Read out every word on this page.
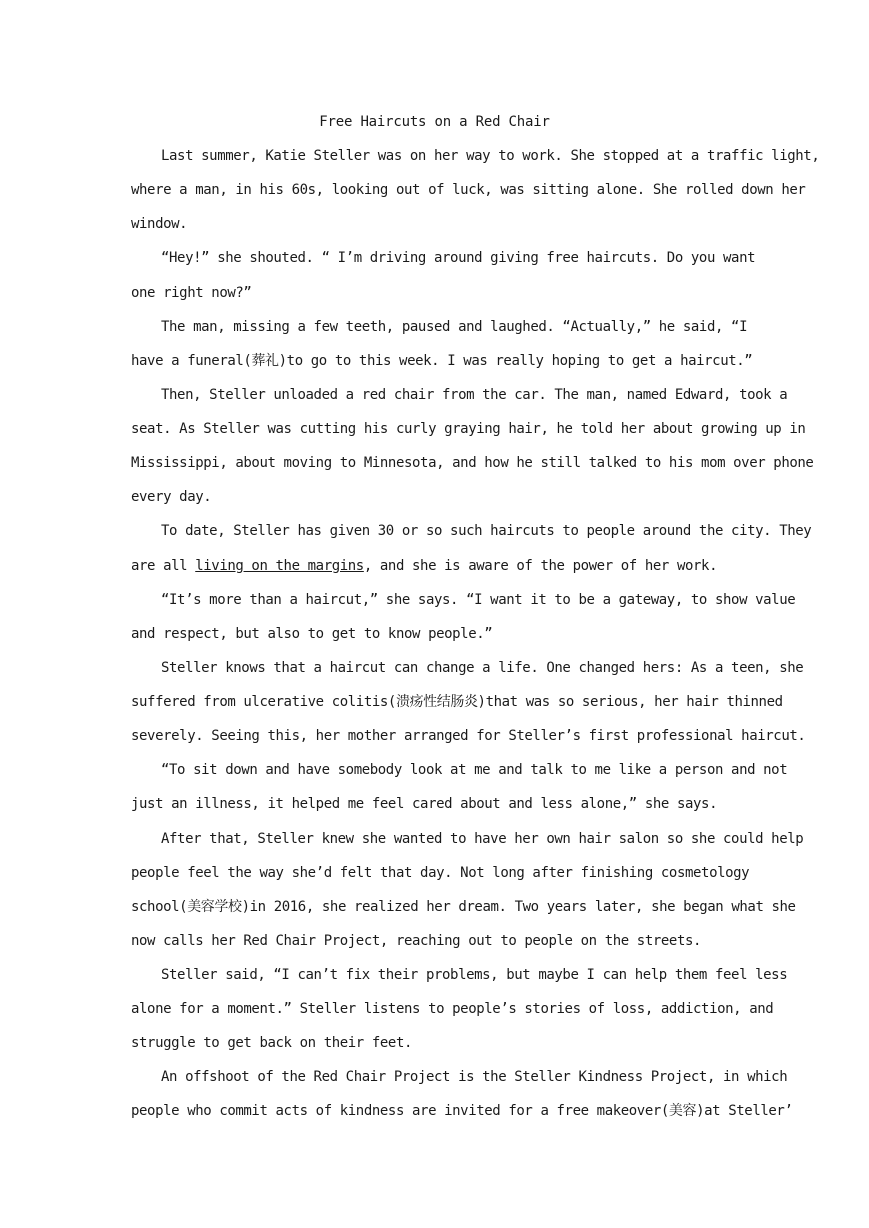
Free Haircuts on a Red Chair
Last summer, Katie Steller was on her way to work. She stopped at a traffic light,
where a man, in his 60s, looking out of luck, was sitting alone. She rolled down her
window.
“Hey!” she shouted. “ I’m driving around giving free haircuts. Do you want
one right now?”
The man, missing a few teeth, paused and laughed. “Actually,” he said, “I
have a funeral(葬礼)to go to this week. I was really hoping to get a haircut.”
Then, Steller unloaded a red chair from the car. The man, named Edward, took a
seat. As Steller was cutting his curly graying hair, he told her about growing up in
Mississippi, about moving to Minnesota, and how he still talked to his mom over phone
every day.
To date, Steller has given 30 or so such haircuts to people around the city. They
are all living on the margins, and she is aware of the power of her work.
“It’s more than a haircut,” she says. “I want it to be a gateway, to show value
and respect, but also to get to know people.”
Steller knows that a haircut can change a life. One changed hers: As a teen, she
suffered from ulcerative colitis(溃疡性结肠炎)that was so serious, her hair thinned
severely. Seeing this, her mother arranged for Steller’s first professional haircut.
“To sit down and have somebody look at me and talk to me like a person and not
just an illness, it helped me feel cared about and less alone,” she says.
After that, Steller knew she wanted to have her own hair salon so she could help
people feel the way she’d felt that day. Not long after finishing cosmetology
school(美容学校)in 2016, she realized her dream. Two years later, she began what she
now calls her Red Chair Project, reaching out to people on the streets.
Steller said, “I can’t fix their problems, but maybe I can help them feel less
alone for a moment.” Steller listens to people’s stories of loss, addiction, and
struggle to get back on their feet.
An offshoot of the Red Chair Project is the Steller Kindness Project, in which
people who commit acts of kindness are invited for a free makeover(美容)at Steller’
